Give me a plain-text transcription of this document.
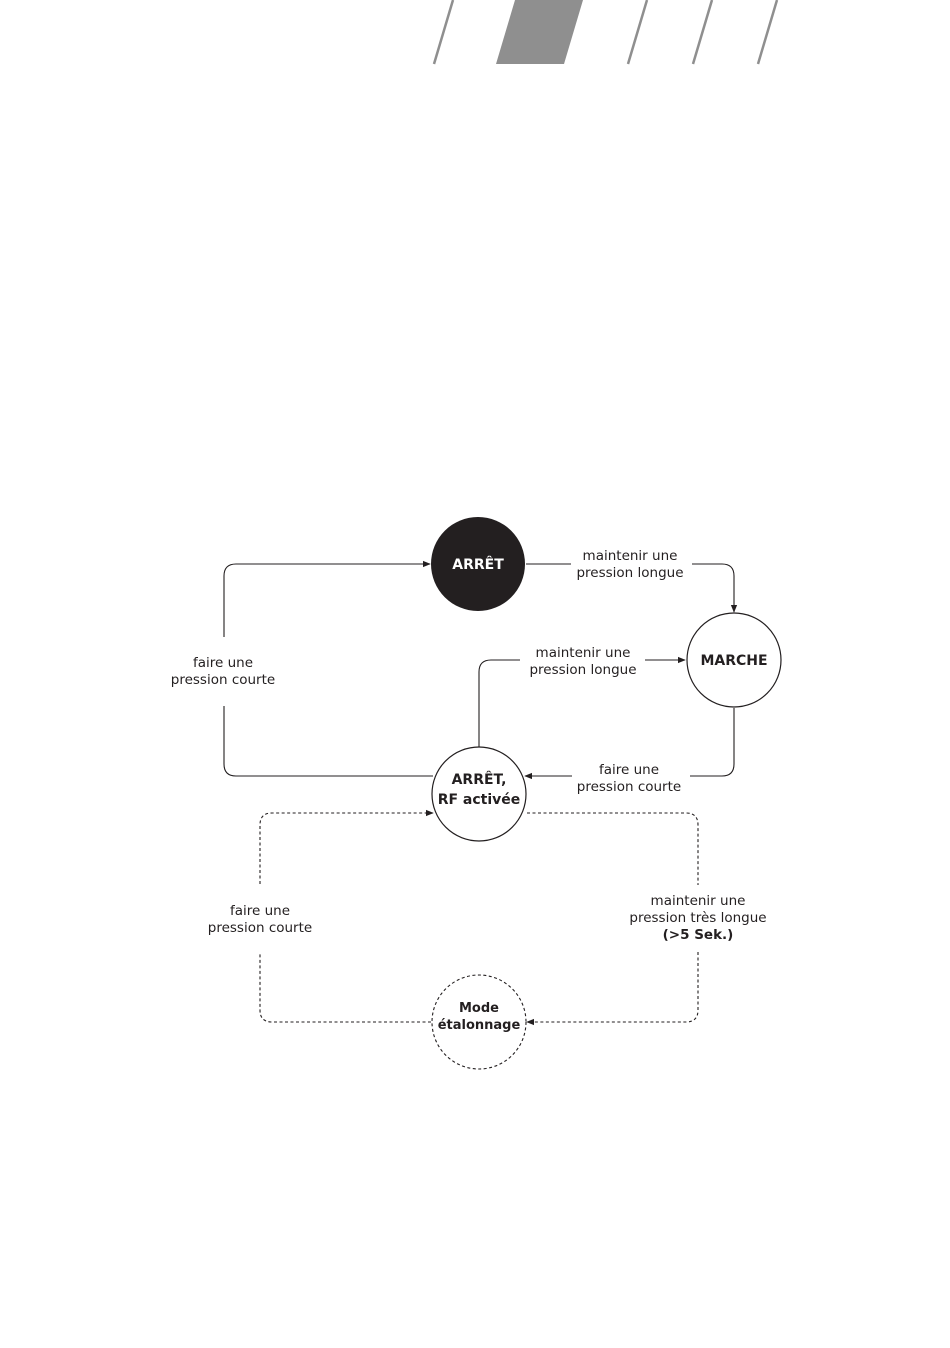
ARRÊT
MARCHE
ARRÊT,
RF activée
Mode
étalonnage
maintenir une
pression longue
maintenir une
pression longue
faire une
pression courte
faire une
pression courte
maintenir une
pression très longue
(>5 Sek.)
faire une
pression courte
